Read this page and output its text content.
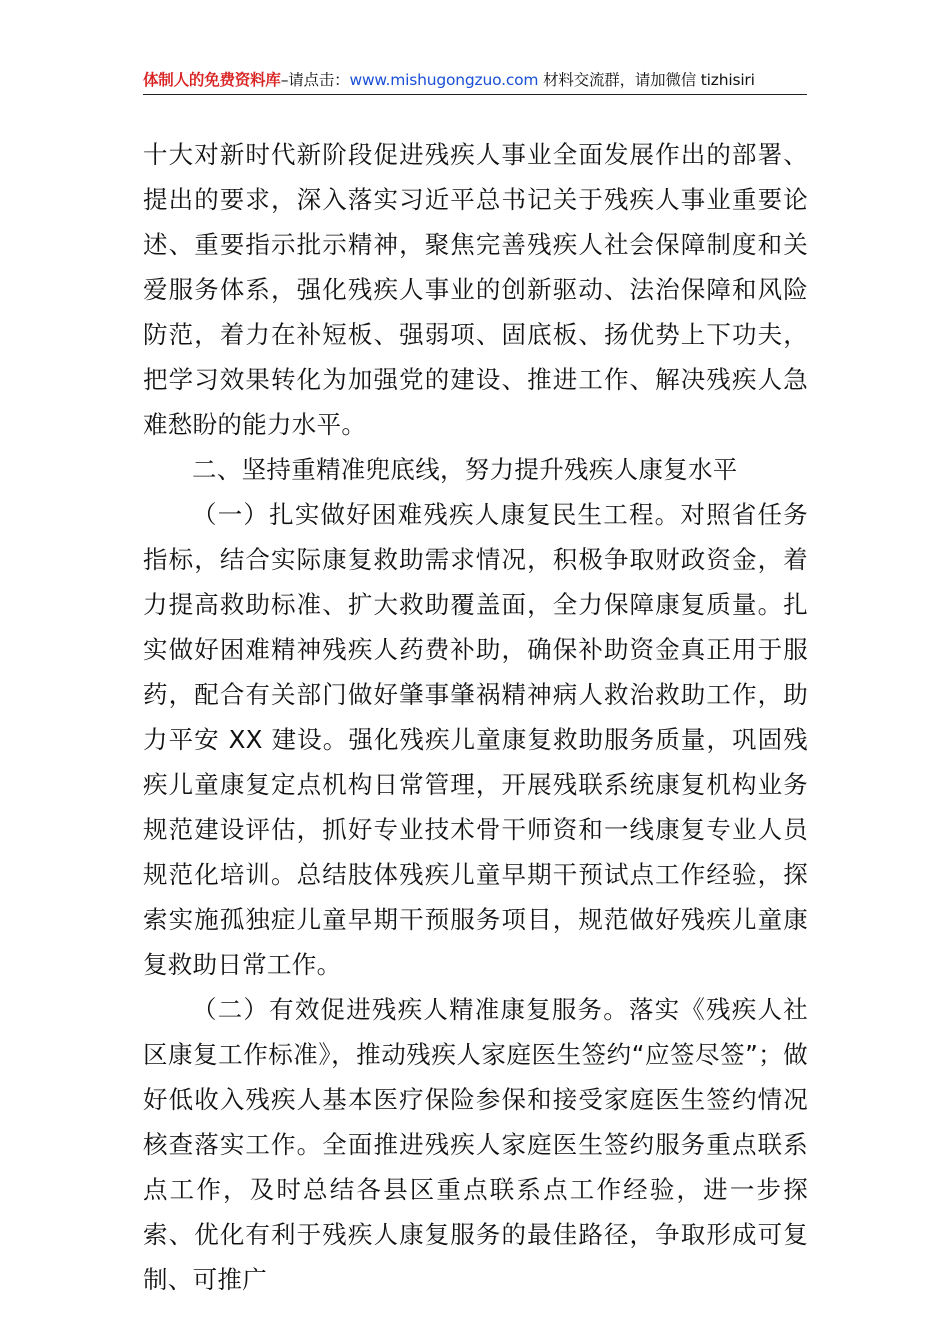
体制人的免费资料库–请点击：www.mishugongzuo.com 材料交流群，请加微信 tizhisiri

十大对新时代新阶段促进残疾人事业全面发展作出的部署、提出的要求，深入落实习近平总书记关于残疾人事业重要论述、重要指示批示精神，聚焦完善残疾人社会保障制度和关爱服务体系，强化残疾人事业的创新驱动、法治保障和风险防范，着力在补短板、强弱项、固底板、扬优势上下功夫，把学习效果转化为加强党的建设、推进工作、解决残疾人急难愁盼的能力水平。

二、坚持重精准兜底线，努力提升残疾人康复水平

（一）扎实做好困难残疾人康复民生工程。对照省任务指标，结合实际康复救助需求情况，积极争取财政资金，着力提高救助标准、扩大救助覆盖面，全力保障康复质量。扎实做好困难精神残疾人药费补助，确保补助资金真正用于服药，配合有关部门做好肇事肇祸精神病人救治救助工作，助力平安 XX 建设。强化残疾儿童康复救助服务质量，巩固残疾儿童康复定点机构日常管理，开展残联系统康复机构业务规范建设评估，抓好专业技术骨干师资和一线康复专业人员规范化培训。总结肢体残疾儿童早期干预试点工作经验，探索实施孤独症儿童早期干预服务项目，规范做好残疾儿童康复救助日常工作。

（二）有效促进残疾人精准康复服务。落实《残疾人社区康复工作标准》，推动残疾人家庭医生签约“应签尽签”；做好低收入残疾人基本医疗保险参保和接受家庭医生签约情况核查落实工作。全面推进残疾人家庭医生签约服务重点联系点工作，及时总结各县区重点联系点工作经验，进一步探索、优化有利于残疾人康复服务的最佳路径，争取形成可复制、可推广
